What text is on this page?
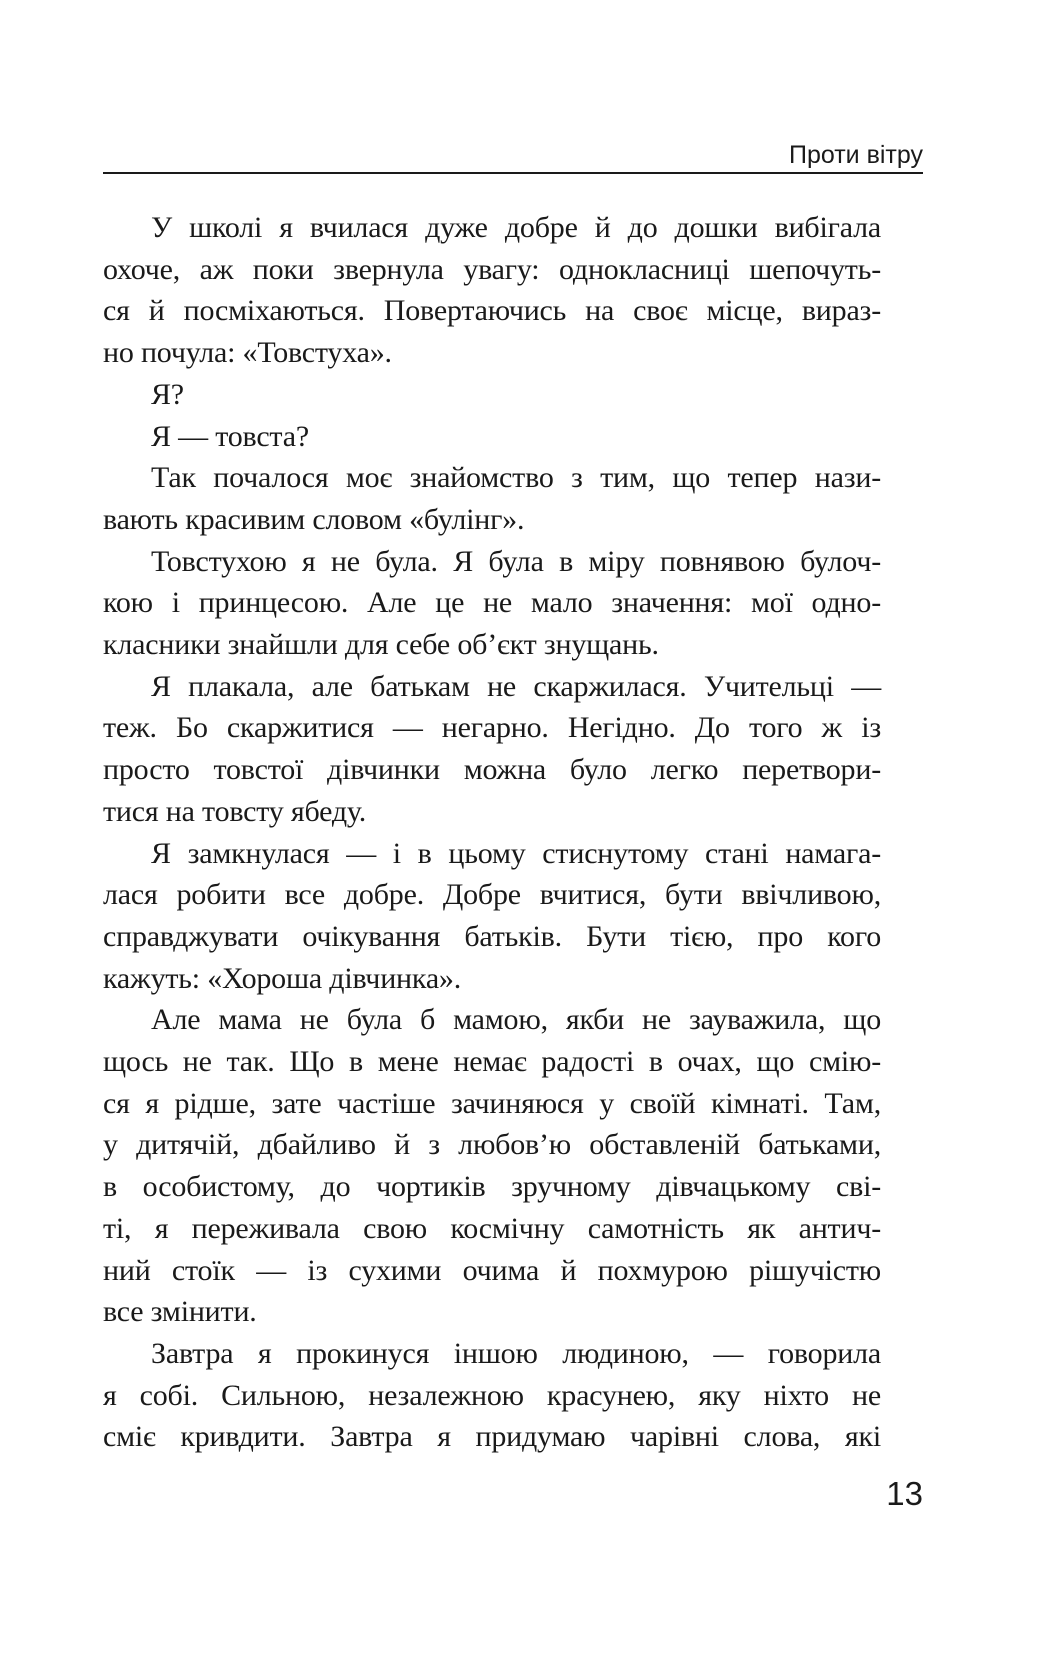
Проти вітру
У школі я вчилася дуже добре й до дошки вибігала
охоче, аж поки звернула увагу: однокласниці шепочуть-
ся й посміхаються. Повертаючись на своє місце, вираз-
но почула: «Товстуха».
Я?
Я — товста?
Так почалося моє знайомство з тим, що тепер нази-
вають красивим словом «булінг».
Товстухою я не була. Я була в міру повнявою булоч-
кою і принцесою. Але це не мало значення: мої одно-
класники знайшли для себе об’єкт знущань.
Я плакала, але батькам не скаржилася. Учительці —
теж. Бо скаржитися — негарно. Негідно. До того ж із
просто товстої дівчинки можна було легко перетвори-
тися на товсту ябеду.
Я замкнулася — і в цьому стиснутому стані намага-
лася робити все добре. Добре вчитися, бути ввічливою,
справджувати очікування батьків. Бути тією, про кого
кажуть: «Хороша дівчинка».
Але мама не була б мамою, якби не зауважила, що
щось не так. Що в мене немає радості в очах, що смію-
ся я рідше, зате частіше зачиняюся у своїй кімнаті. Там,
у дитячій, дбайливо й з любов’ю обставленій батьками,
в особистому, до чортиків зручному дівчацькому сві-
ті, я переживала свою космічну самотність як антич-
ний стоїк — із сухими очима й похмурою рішучістю
все змінити.
Завтра я прокинуся іншою людиною, — говорила
я собі. Сильною, незалежною красунею, яку ніхто не
сміє кривдити. Завтра я придумаю чарівні слова, які
13
